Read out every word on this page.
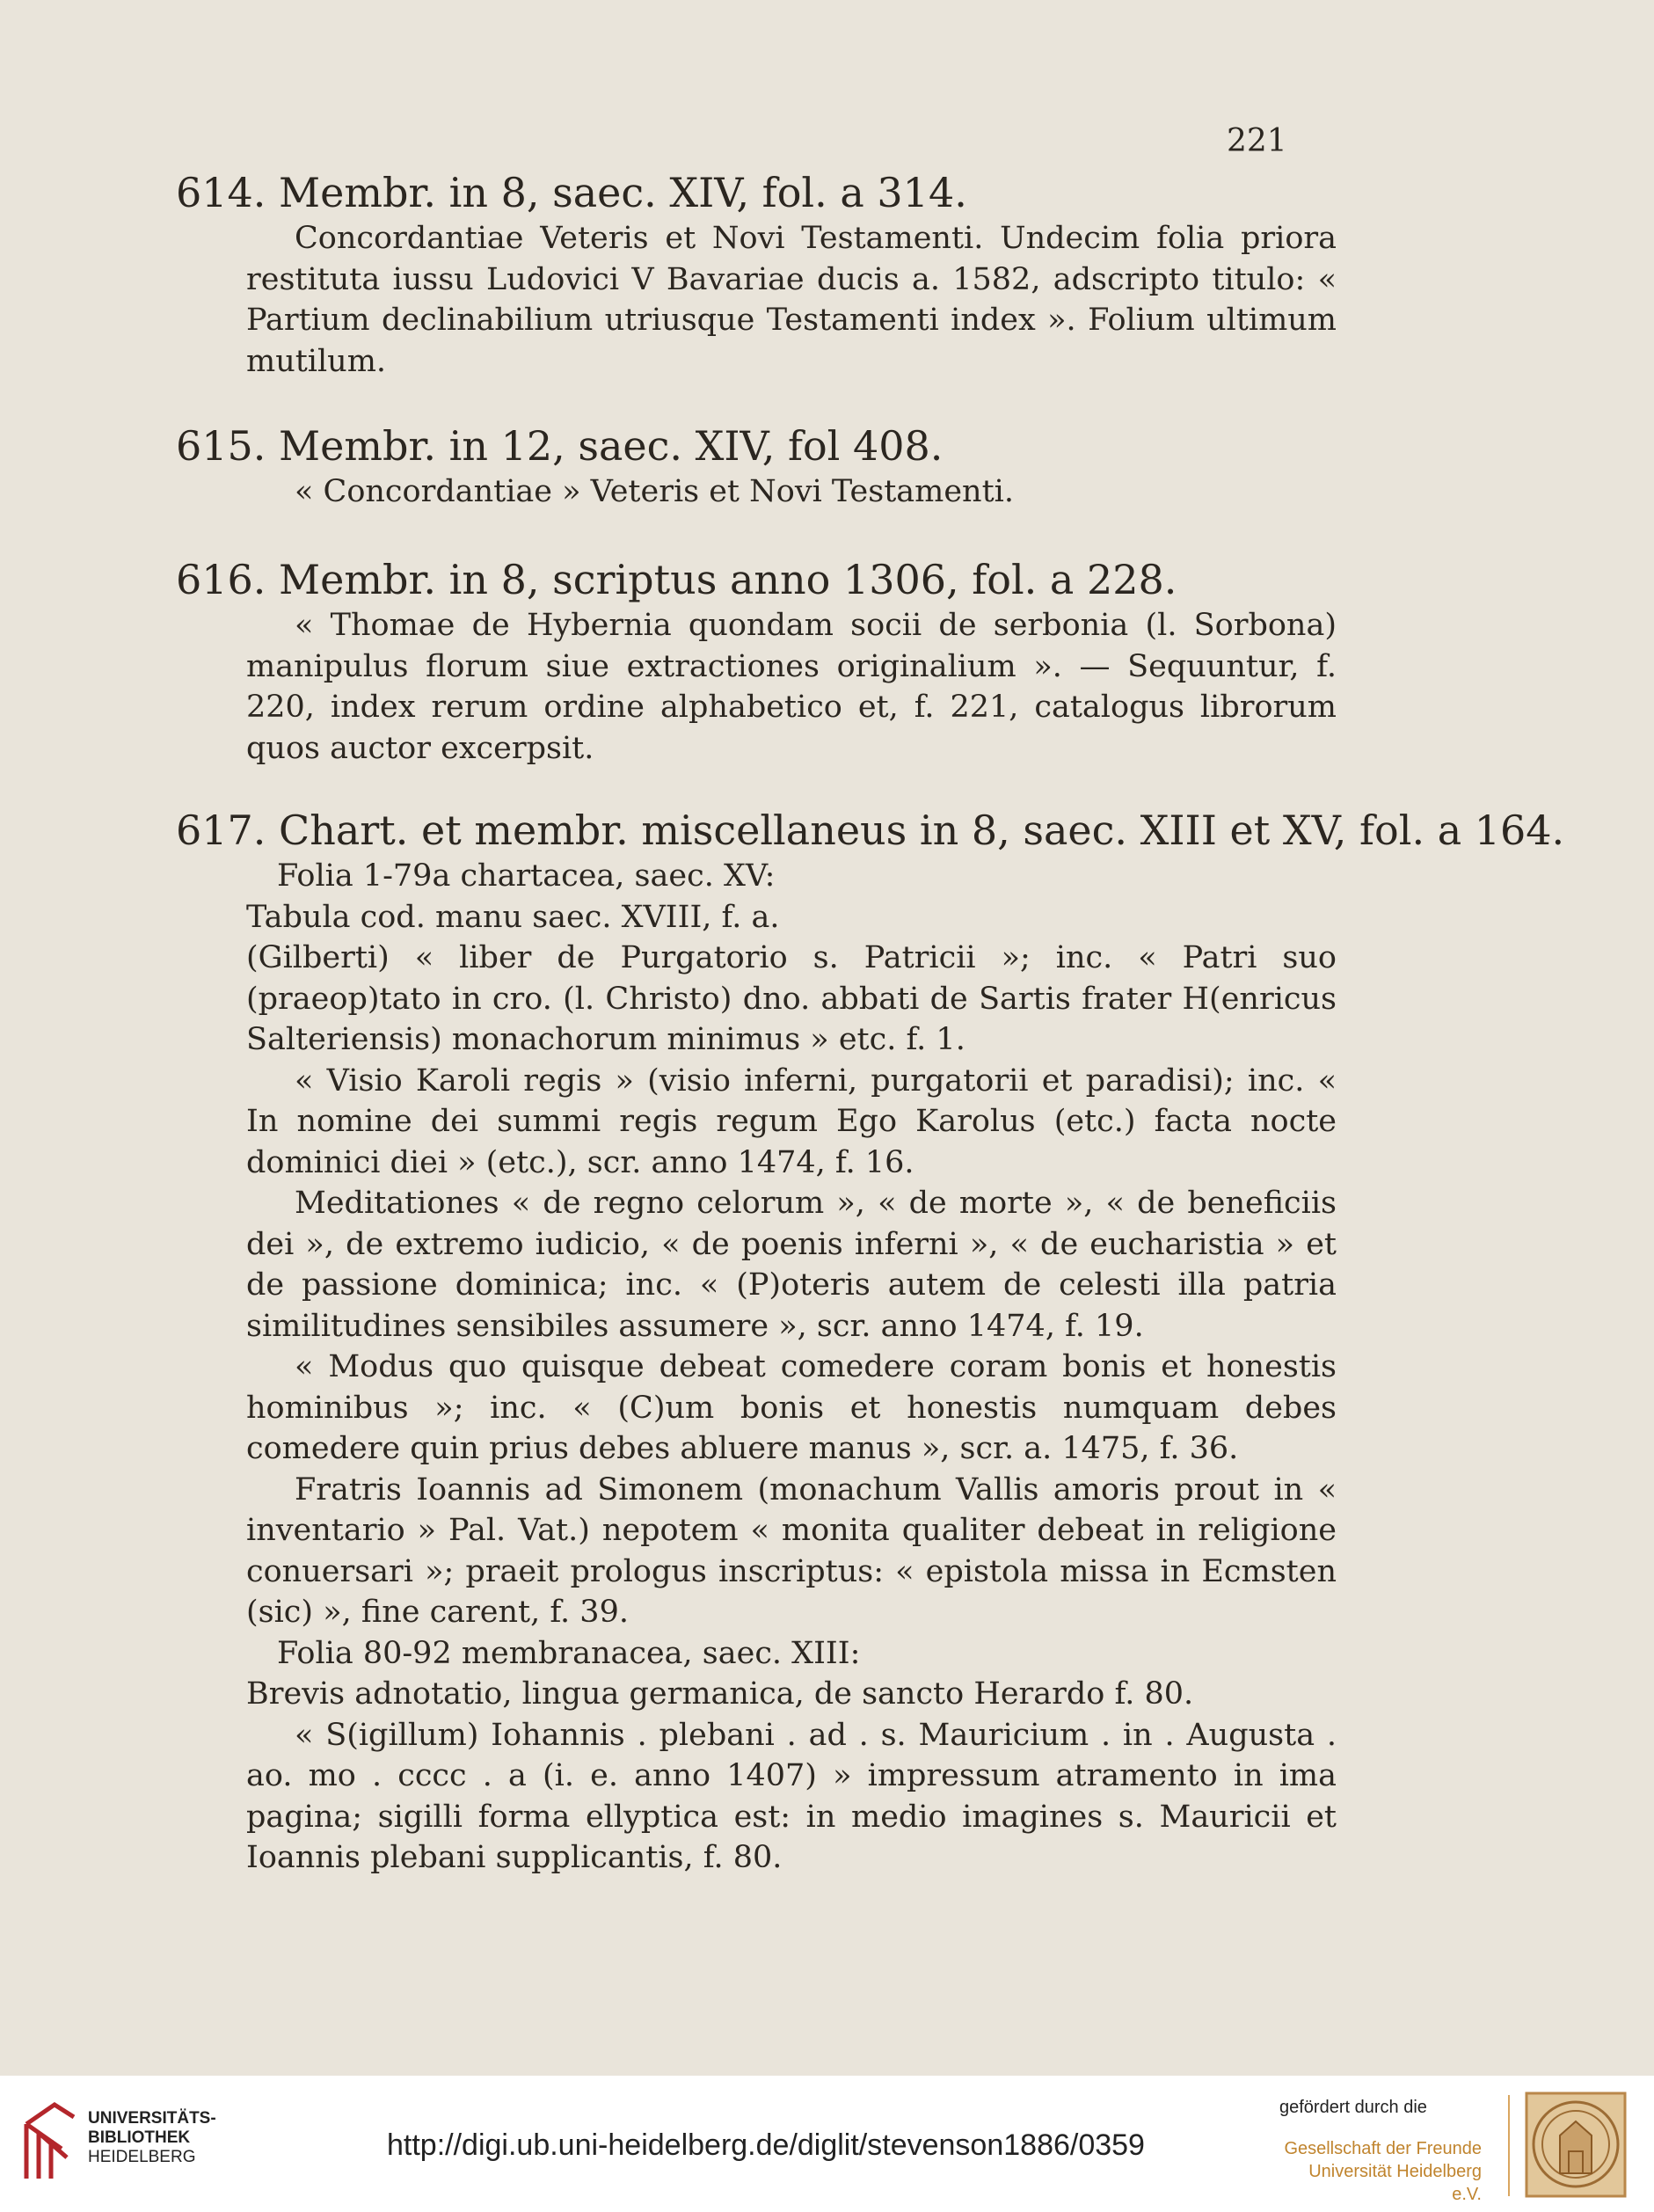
221
614. Membr. in 8, saec. XIV, fol. a 314.

Concordantiae Veteris et Novi Testamenti. Undecim folia priora restituta iussu Ludovici V Bavariae ducis a. 1582, adscripto titulo: « Partium declinabilium utriusque Testamenti index ». Folium ultimum mutilum.

615. Membr. in 12, saec. XIV, fol 408.

« Concordantiae » Veteris et Novi Testamenti.

616. Membr. in 8, scriptus anno 1306, fol. a 228.

« Thomae de Hybernia quondam socii de serbonia (l. Sorbona) manipulus florum siue extractiones originalium ». — Sequuntur, f. 220, index rerum ordine alphabetico et, f. 221, catalogus librorum quos auctor excerpsit.

617. Chart. et membr. miscellaneus in 8, saec. XIII et XV, fol. a 164.

Folia 1-79a chartacea, saec. XV:

Tabula cod. manu saec. XVIII, f. a.

(Gilberti) « liber de Purgatorio s. Patricii »; inc. « Patri suo (praeop)tato in cro. (l. Christo) dno. abbati de Sartis frater H(enricus Salteriensis) monachorum minimus » etc. f. 1.

« Visio Karoli regis » (visio inferni, purgatorii et paradisi); inc. « In nomine dei summi regis regum Ego Karolus (etc.) facta nocte dominici diei » (etc.), scr. anno 1474, f. 16.

Meditationes « de regno celorum », « de morte », « de beneficiis dei », de extremo iudicio, « de poenis inferni », « de eucharistia » et de passione dominica; inc. « (P)oteris autem de celesti illa patria similitudines sensibiles assumere », scr. anno 1474, f. 19.

« Modus quo quisque debeat comedere coram bonis et honestis hominibus »; inc. « (C)um bonis et honestis numquam debes comedere quin prius debes abluere manus », scr. a. 1475, f. 36.

Fratris Ioannis ad Simonem (monachum Vallis amoris prout in « inventario » Pal. Vat.) nepotem « monita qualiter debeat in religione conuersari »; praeit prologus inscriptus: « epistola missa in Ecmsten (sic) », fine carent, f. 39.

Folia 80-92 membranacea, saec. XIII:

Brevis adnotatio, lingua germanica, de sancto Herardo f. 80.

« S(igillum) Iohannis . plebani . ad . s. Mauricium . in . Augusta . ao. mo . cccc . a (i. e. anno 1407) » impressum atramento in ima pagina; sigilli forma ellyptica est: in medio imagines s. Mauricii et Ioannis plebani supplicantis, f. 80.

UNIVERSITÄTS-
BIBLIOTHEK
HEIDELBERG	http://digi.ub.uni-heidelberg.de/diglit/stevenson1886/0359
gefördert durch die
Gesellschaft der Freunde
Universität Heidelberg e.V.
